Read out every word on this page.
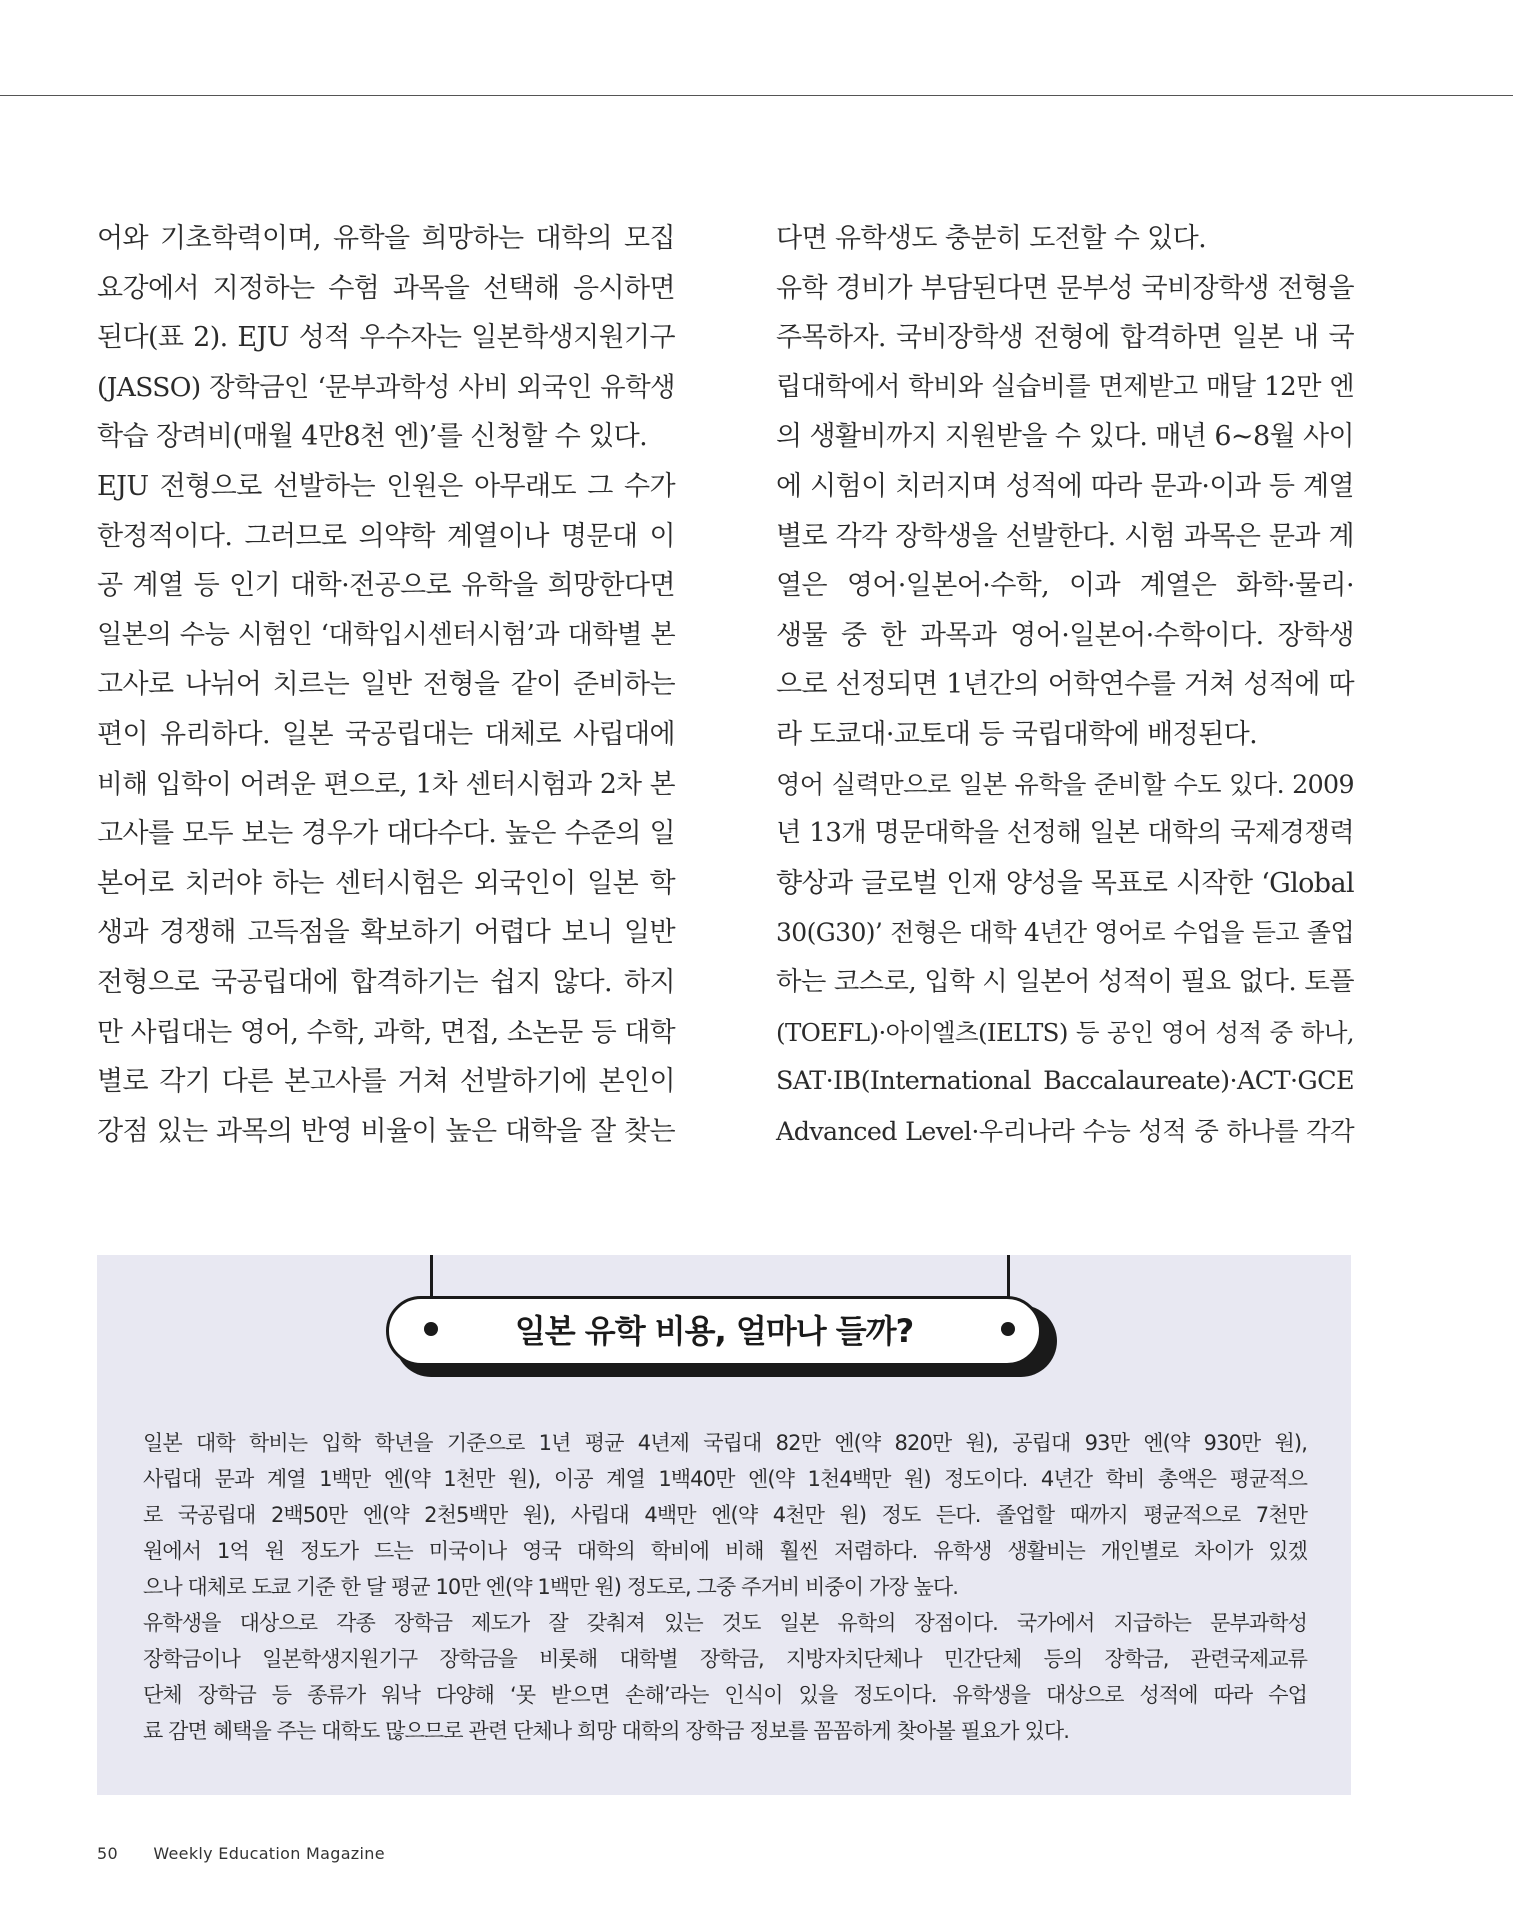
어와 기초학력이며, 유학을 희망하는 대학의 모집
요강에서 지정하는 수험 과목을 선택해 응시하면
된다(표 2). EJU 성적 우수자는 일본학생지원기구
(JASSO) 장학금인 ‘문부과학성 사비 외국인 유학생
학습 장려비(매월 4만8천 엔)’를 신청할 수 있다.
EJU 전형으로 선발하는 인원은 아무래도 그 수가
한정적이다. 그러므로 의약학 계열이나 명문대 이
공 계열 등 인기 대학·전공으로 유학을 희망한다면
일본의 수능 시험인 ‘대학입시센터시험’과 대학별 본
고사로 나뉘어 치르는 일반 전형을 같이 준비하는
편이 유리하다. 일본 국공립대는 대체로 사립대에
비해 입학이 어려운 편으로, 1차 센터시험과 2차 본
고사를 모두 보는 경우가 대다수다. 높은 수준의 일
본어로 치러야 하는 센터시험은 외국인이 일본 학
생과 경쟁해 고득점을 확보하기 어렵다 보니 일반
전형으로 국공립대에 합격하기는 쉽지 않다. 하지
만 사립대는 영어, 수학, 과학, 면접, 소논문 등 대학
별로 각기 다른 본고사를 거쳐 선발하기에 본인이
강점 있는 과목의 반영 비율이 높은 대학을 잘 찾는
다면 유학생도 충분히 도전할 수 있다.
유학 경비가 부담된다면 문부성 국비장학생 전형을
주목하자. 국비장학생 전형에 합격하면 일본 내 국
립대학에서 학비와 실습비를 면제받고 매달 12만 엔
의 생활비까지 지원받을 수 있다. 매년 6~8월 사이
에 시험이 치러지며 성적에 따라 문과·이과 등 계열
별로 각각 장학생을 선발한다. 시험 과목은 문과 계
열은 영어·일본어·수학, 이과 계열은 화학·물리·
생물 중 한 과목과 영어·일본어·수학이다. 장학생
으로 선정되면 1년간의 어학연수를 거쳐 성적에 따
라 도쿄대·교토대 등 국립대학에 배정된다.
영어 실력만으로 일본 유학을 준비할 수도 있다. 2009
년 13개 명문대학을 선정해 일본 대학의 국제경쟁력
향상과 글로벌 인재 양성을 목표로 시작한 ‘Global
30(G30)’ 전형은 대학 4년간 영어로 수업을 듣고 졸업
하는 코스로, 입학 시 일본어 성적이 필요 없다. 토플
(TOEFL)·아이엘츠(IELTS) 등 공인 영어 성적 중 하나,
SAT·IB(International Baccalaureate)·ACT·GCE
Advanced Level·우리나라 수능 성적 중 하나를 각각
일본 유학 비용, 얼마나 들까?
일본 대학 학비는 입학 학년을 기준으로 1년 평균 4년제 국립대 82만 엔(약 820만 원), 공립대 93만 엔(약 930만 원),
사립대 문과 계열 1백만 엔(약 1천만 원), 이공 계열 1백40만 엔(약 1천4백만 원) 정도이다. 4년간 학비 총액은 평균적으
로 국공립대 2백50만 엔(약 2천5백만 원), 사립대 4백만 엔(약 4천만 원) 정도 든다. 졸업할 때까지 평균적으로 7천만
원에서 1억 원 정도가 드는 미국이나 영국 대학의 학비에 비해 훨씬 저렴하다. 유학생 생활비는 개인별로 차이가 있겠
으나 대체로 도쿄 기준 한 달 평균 10만 엔(약 1백만 원) 정도로, 그중 주거비 비중이 가장 높다.
유학생을 대상으로 각종 장학금 제도가 잘 갖춰져 있는 것도 일본 유학의 장점이다. 국가에서 지급하는 문부과학성
장학금이나 일본학생지원기구 장학금을 비롯해 대학별 장학금, 지방자치단체나 민간단체 등의 장학금, 관련국제교류
단체 장학금 등 종류가 워낙 다양해 ‘못 받으면 손해’라는 인식이 있을 정도이다. 유학생을 대상으로 성적에 따라 수업
료 감면 혜택을 주는 대학도 많으므로 관련 단체나 희망 대학의 장학금 정보를 꼼꼼하게 찾아볼 필요가 있다.
50 Weekly Education Magazine
